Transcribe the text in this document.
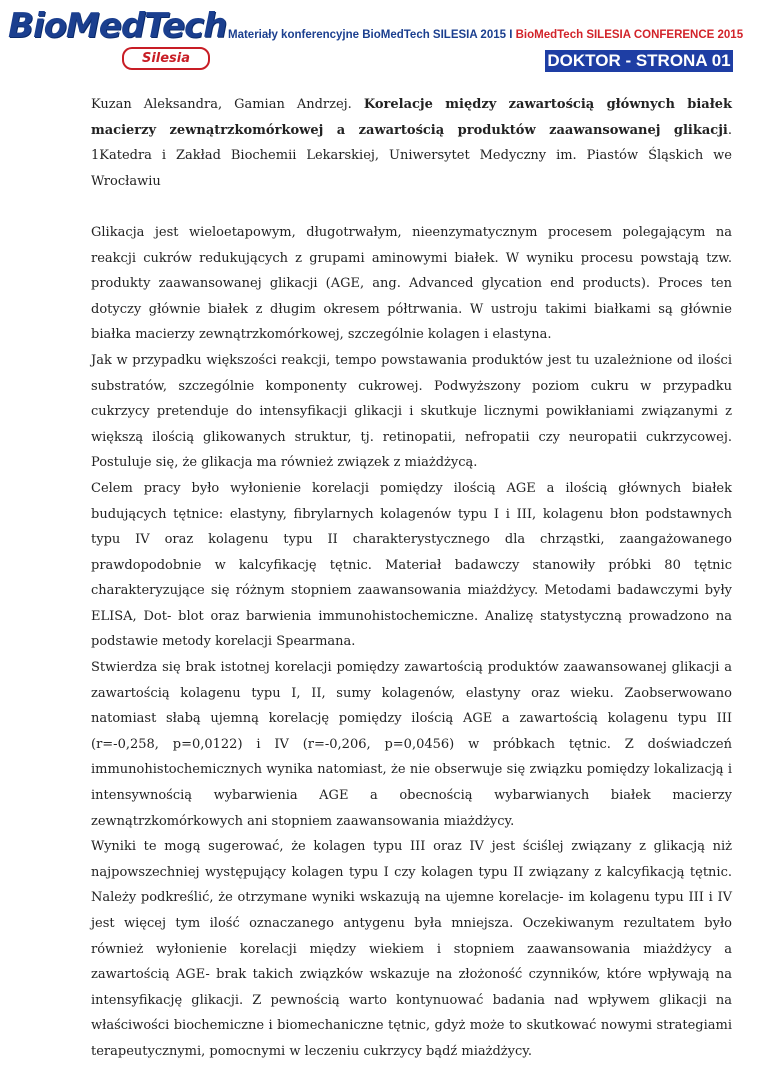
BioMedTech
Silesia
Materiały konferencyjne BioMedTech SILESIA 2015 I BioMedTech SILESIA CONFERENCE 2015
DOKTOR - STRONA 01

Kuzan Aleksandra, Gamian Andrzej. Korelacje między zawartością głównych białek macierzy zewnątrzkomórkowej a zawartością produktów zaawansowanej glikacji. 1Katedra i Zakład Biochemii Lekarskiej, Uniwersytet Medyczny im. Piastów Śląskich we Wrocławiu

Glikacja jest wieloetapowym, długotrwałym, nieenzymatycznym procesem polegającym na reakcji cukrów redukujących z grupami aminowymi białek. W wyniku procesu powstają tzw. produkty zaawansowanej glikacji (AGE, ang. Advanced glycation end products). Proces ten dotyczy głównie białek z długim okresem półtrwania. W ustroju takimi białkami są głównie białka macierzy zewnątrzkomórkowej, szczególnie kolagen i elastyna.

Jak w przypadku większości reakcji, tempo powstawania produktów jest tu uzależnione od ilości substratów, szczególnie komponenty cukrowej. Podwyższony poziom cukru w przypadku cukrzycy pretenduje do intensyfikacji glikacji i skutkuje licznymi powikłaniami związanymi z większą ilością glikowanych struktur, tj. retinopatii, nefropatii czy neuropatii cukrzycowej. Postuluje się, że glikacja ma również związek z miażdżycą.

Celem pracy było wyłonienie korelacji pomiędzy ilością AGE a ilością głównych białek budujących tętnice: elastyny, fibrylarnych kolagenów typu I i III, kolagenu błon podstawnych typu IV oraz kolagenu typu II charakterystycznego dla chrząstki, zaangażowanego prawdopodobnie w kalcyfikację tętnic. Materiał badawczy stanowiły próbki 80 tętnic charakteryzujące się różnym stopniem zaawansowania miażdżycy. Metodami badawczymi były ELISA, Dot- blot oraz barwienia immunohistochemiczne. Analizę statystyczną prowadzono na podstawie metody korelacji Spearmana.

Stwierdza się brak istotnej korelacji pomiędzy zawartością produktów zaawansowanej glikacji a zawartością kolagenu typu I, II, sumy kolagenów, elastyny oraz wieku. Zaobserwowano natomiast słabą ujemną korelację pomiędzy ilością AGE a zawartością kolagenu typu III (r=-0,258, p=0,0122) i IV (r=-0,206, p=0,0456) w próbkach tętnic. Z doświadczeń immunohistochemicznych wynika natomiast, że nie obserwuje się związku pomiędzy lokalizacją i intensywnością wybarwienia AGE a obecnością wybarwianych białek macierzy zewnątrzkomórkowych ani stopniem zaawansowania miażdżycy.

Wyniki te mogą sugerować, że kolagen typu III oraz IV jest ściślej związany z glikacją niż najpowszechniej występujący kolagen typu I czy kolagen typu II związany z kalcyfikacją tętnic. Należy podkreślić, że otrzymane wyniki wskazują na ujemne korelacje- im kolagenu typu III i IV jest więcej tym ilość oznaczanego antygenu była mniejsza. Oczekiwanym rezultatem było również wyłonienie korelacji między wiekiem i stopniem zaawansowania miażdżycy a zawartością AGE- brak takich związków wskazuje na złożoność czynników, które wpływają na intensyfikację glikacji. Z pewnością warto kontynuować badania nad wpływem glikacji na właściwości biochemiczne i biomechaniczne tętnic, gdyż może to skutkować nowymi strategiami terapeutycznymi, pomocnymi w leczeniu cukrzycy bądź miażdżycy.
